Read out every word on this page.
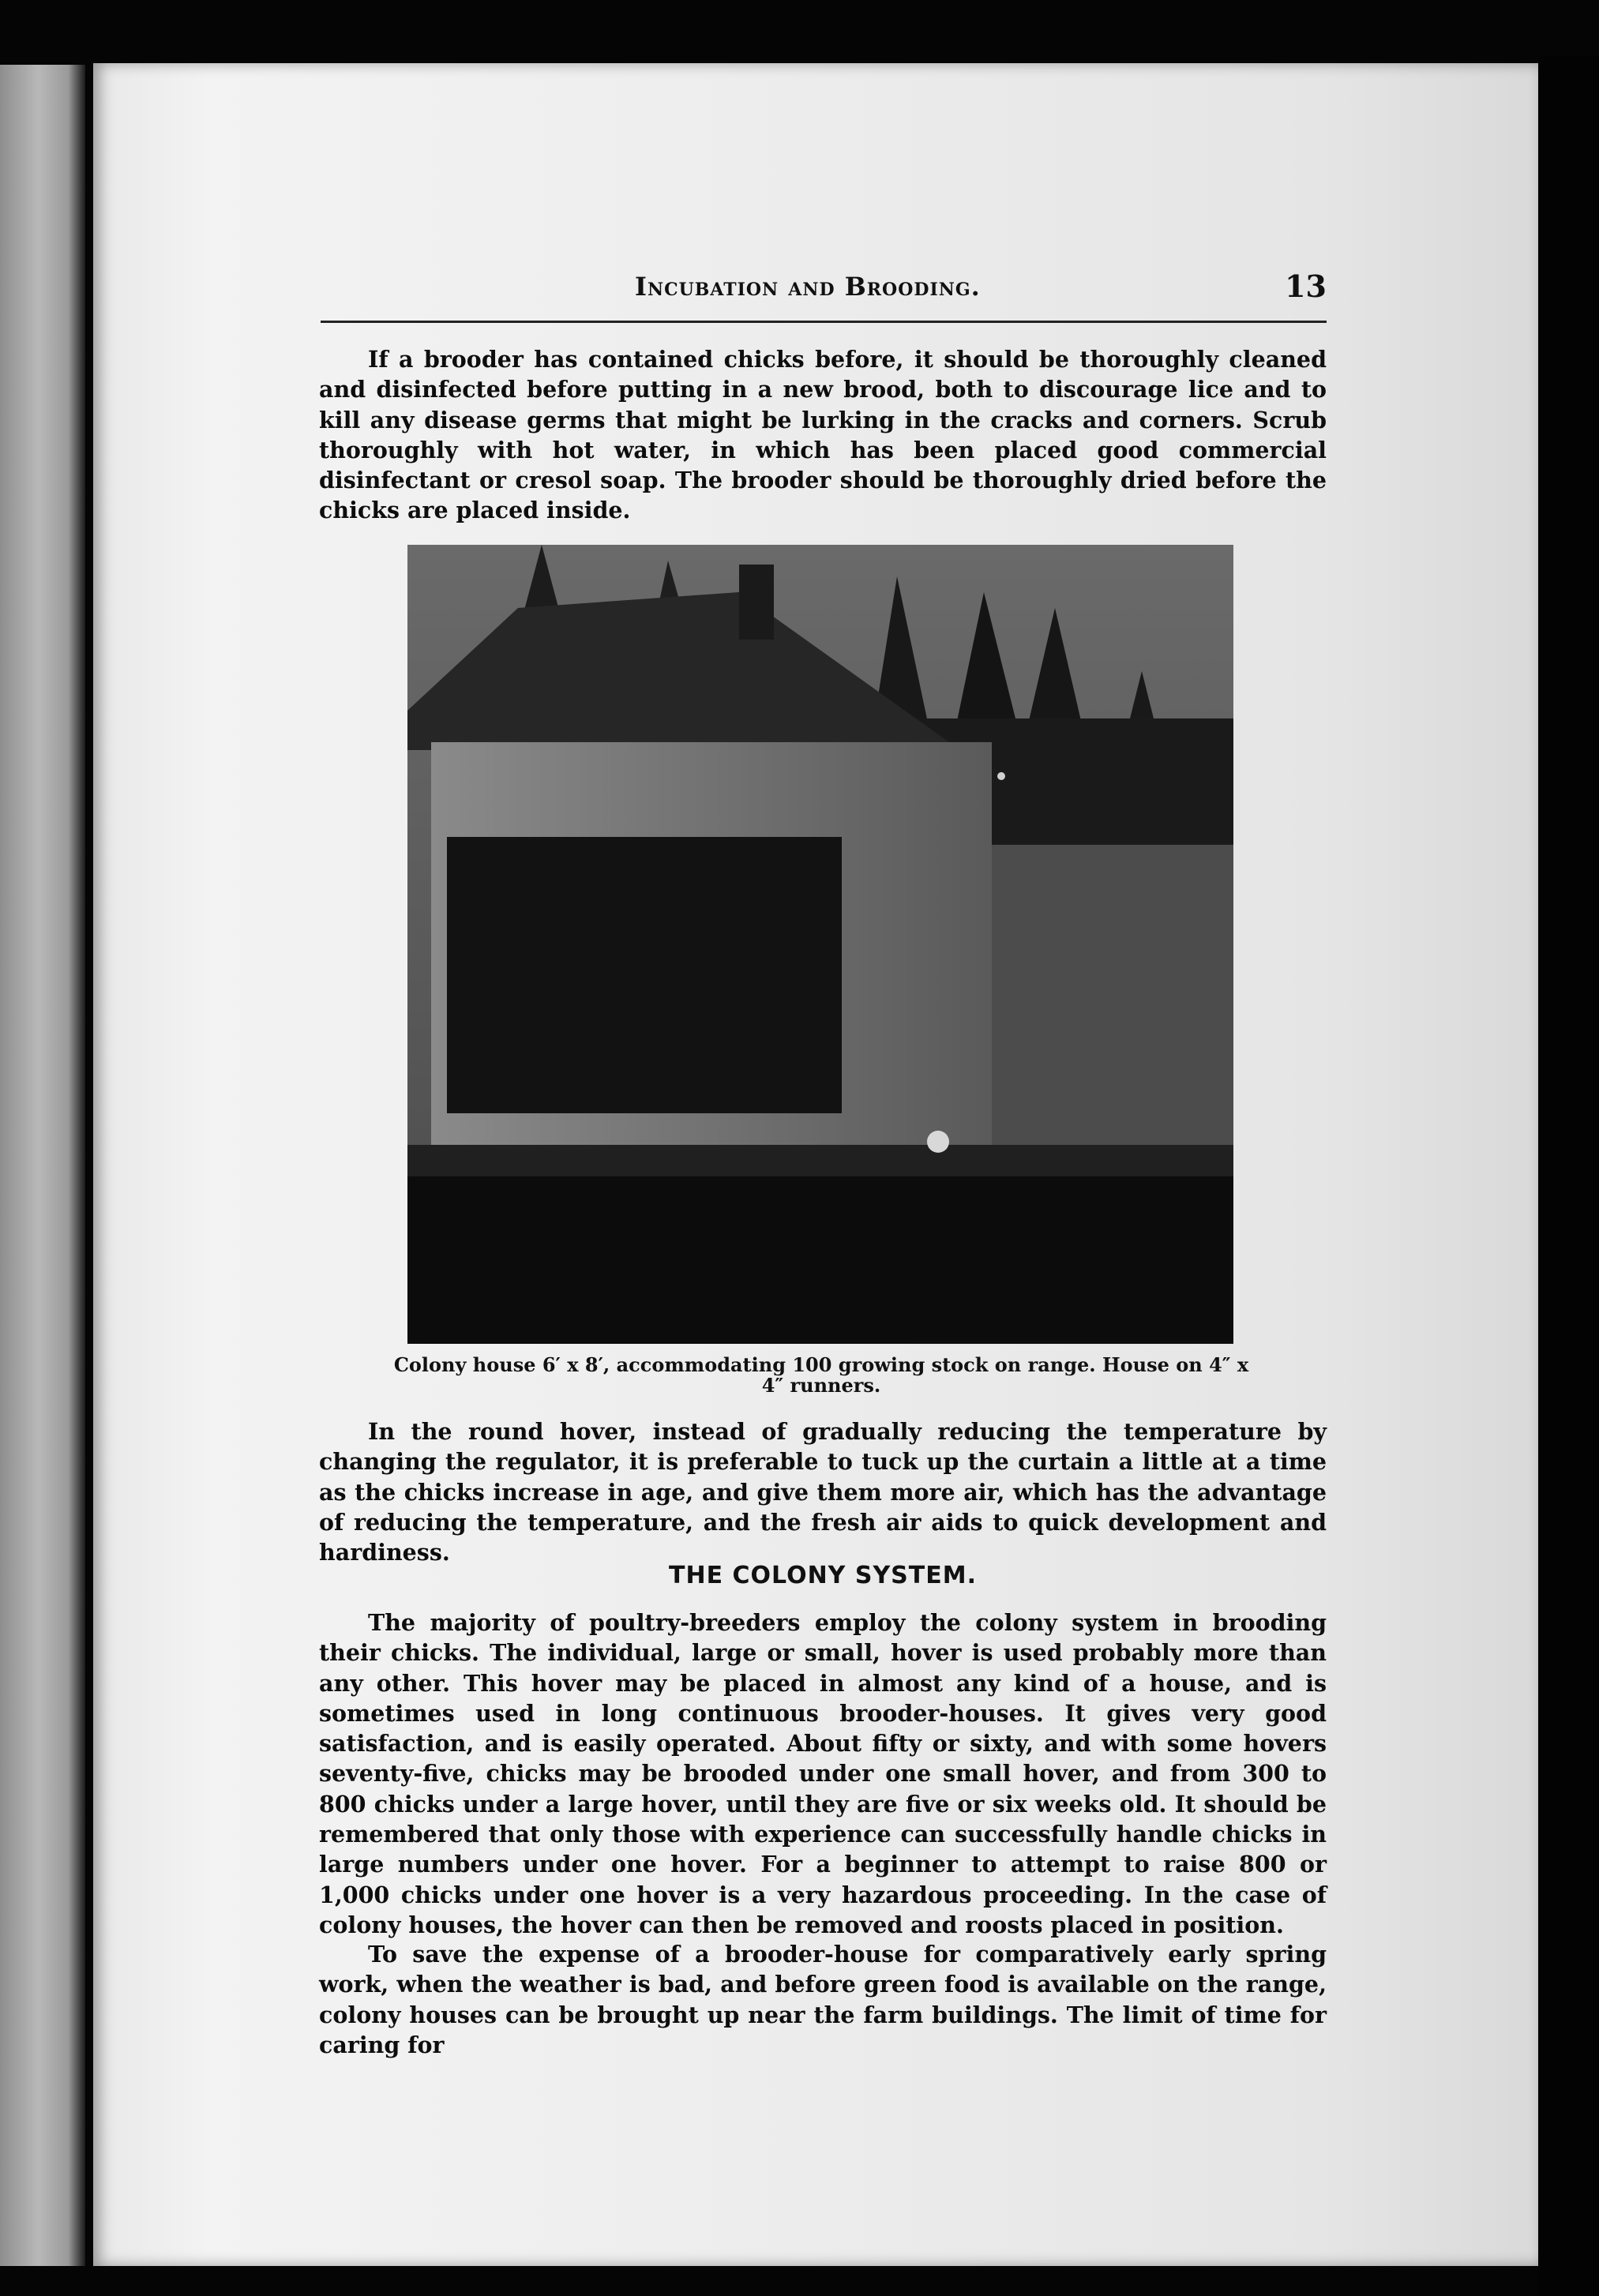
Incubation and Brooding.	13

If a brooder has contained chicks before, it should be thoroughly cleaned and disinfected before putting in a new brood, both to discourage lice and to kill any disease germs that might be lurking in the cracks and corners. Scrub thoroughly with hot water, in which has been placed good commercial disinfectant or cresol soap. The brooder should be thoroughly dried before the chicks are placed inside.

Colony house 6′ x 8′, accommodating 100 growing stock on range. House on 4″ x 4″ runners.

In the round hover, instead of gradually reducing the temperature by changing the regulator, it is preferable to tuck up the curtain a little at a time as the chicks increase in age, and give them more air, which has the advantage of reducing the temperature, and the fresh air aids to quick development and hardiness.

THE COLONY SYSTEM.

The majority of poultry-breeders employ the colony system in brooding their chicks. The individual, large or small, hover is used probably more than any other. This hover may be placed in almost any kind of a house, and is sometimes used in long continuous brooder-houses. It gives very good satisfaction, and is easily operated. About fifty or sixty, and with some hovers seventy-five, chicks may be brooded under one small hover, and from 300 to 800 chicks under a large hover, until they are five or six weeks old. It should be remembered that only those with experience can successfully handle chicks in large numbers under one hover. For a beginner to attempt to raise 800 or 1,000 chicks under one hover is a very hazardous proceeding. In the case of colony houses, the hover can then be removed and roosts placed in position.

To save the expense of a brooder-house for comparatively early spring work, when the weather is bad, and before green food is available on the range, colony houses can be brought up near the farm buildings. The limit of time for caring for
